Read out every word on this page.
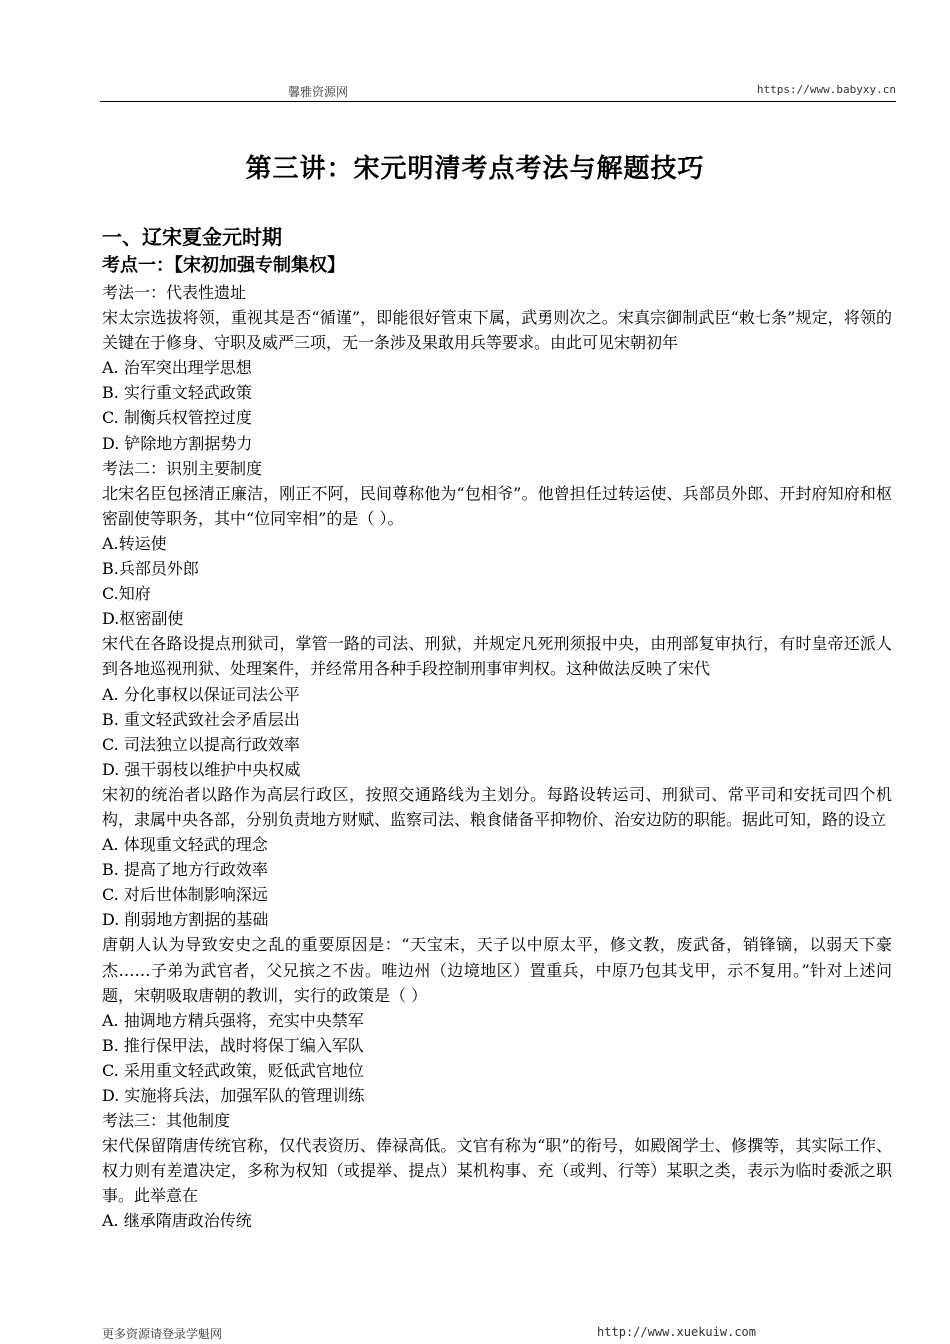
馨雅资源网	https://www.babyxy.cn
第三讲：宋元明清考点考法与解题技巧

一、辽宋夏金元时期

考点一：【宋初加强专制集权】

考法一：代表性遗址

宋太宗选拔将领，重视其是否“循谨”，即能很好管束下属，武勇则次之。宋真宗御制武臣“敕七条”规定，将领的关键在于修身、守职及威严三项，无一条涉及果敢用兵等要求。由此可见宋朝初年

A. 治军突出理学思想

B. 实行重文轻武政策

C. 制衡兵权管控过度

D. 铲除地方割据势力

考法二：识别主要制度

北宋名臣包拯清正廉洁，刚正不阿，民间尊称他为“包相爷”。他曾担任过转运使、兵部员外郎、开封府知府和枢密副使等职务，其中“位同宰相”的是（ ）。

A.转运使

B.兵部员外郎

C.知府

D.枢密副使

宋代在各路设提点刑狱司，掌管一路的司法、刑狱，并规定凡死刑须报中央，由刑部复审执行，有时皇帝还派人到各地巡视刑狱、处理案件，并经常用各种手段控制刑事审判权。这种做法反映了宋代

A. 分化事权以保证司法公平

B. 重文轻武致社会矛盾层出

C. 司法独立以提高行政效率

D. 强干弱枝以维护中央权威

宋初的统治者以路作为高层行政区，按照交通路线为主划分。每路设转运司、刑狱司、常平司和安抚司四个机构，隶属中央各部，分别负责地方财赋、监察司法、粮食储备平抑物价、治安边防的职能。据此可知，路的设立

A. 体现重文轻武的理念

B. 提高了地方行政效率

C. 对后世体制影响深远

D. 削弱地方割据的基础

唐朝人认为导致安史之乱的重要原因是：“天宝末，天子以中原太平，修文教，废武备，销锋镝，以弱天下豪杰……子弟为武官者，父兄摈之不齿。唯边州（边境地区）置重兵，中原乃包其戈甲，示不复用。”针对上述问题，宋朝吸取唐朝的教训，实行的政策是（ ）

A. 抽调地方精兵强将，充实中央禁军

B. 推行保甲法，战时将保丁编入军队

C. 采用重文轻武政策，贬低武官地位

D. 实施将兵法，加强军队的管理训练

考法三：其他制度

宋代保留隋唐传统官称，仅代表资历、俸禄高低。文官有称为“职”的衔号，如殿阁学士、修撰等，其实际工作、权力则有差遣决定，多称为权知（或提举、提点）某机构事、充（或判、行等）某职之类，表示为临时委派之职事。此举意在

A. 继承隋唐政治传统

更多资源请登录学魁网	http://www.xuekuiw.com
